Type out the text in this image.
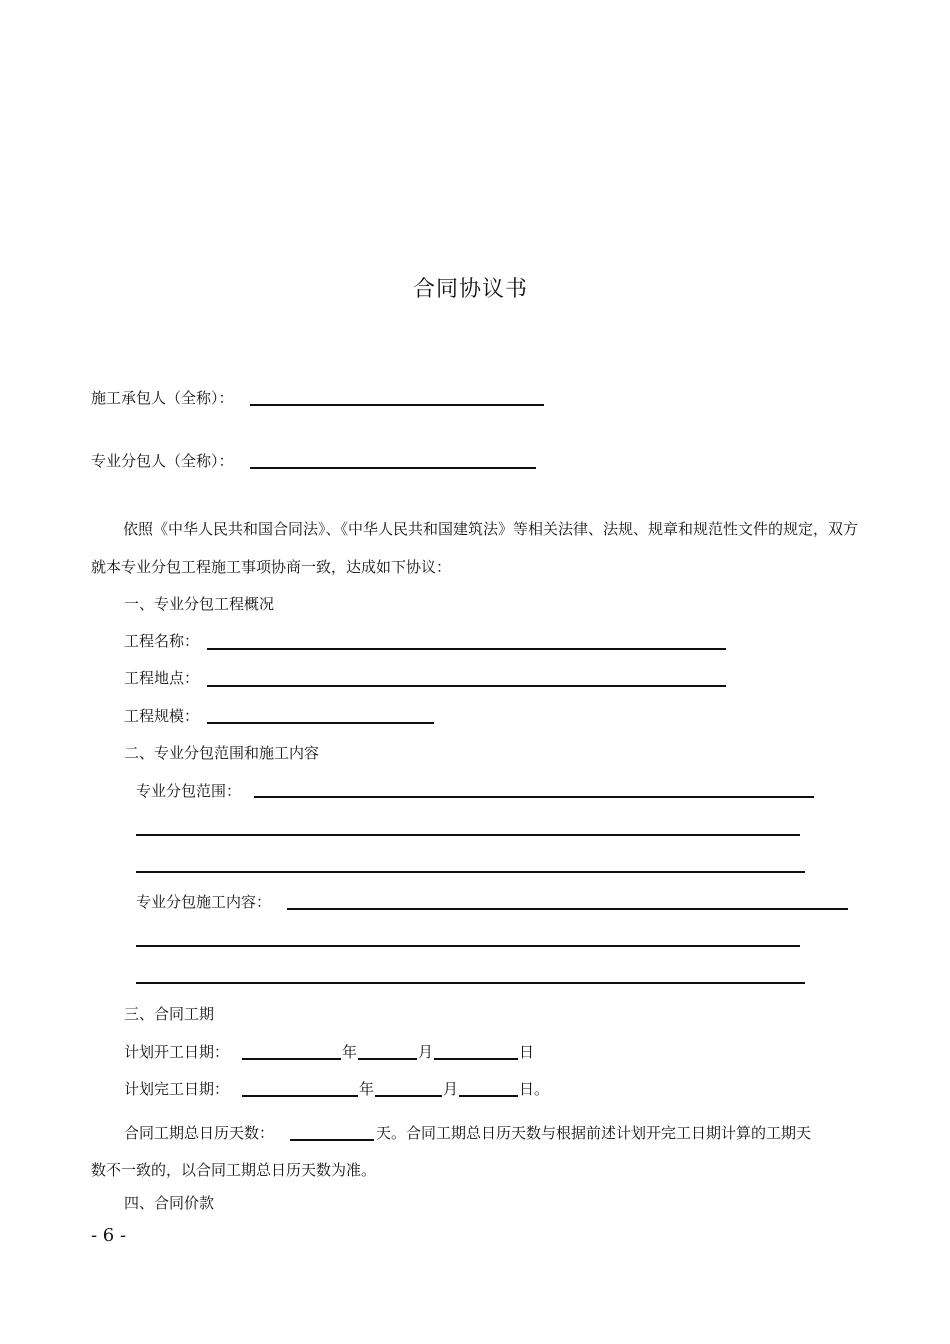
合同协议书
施工承包人（全称）：
专业分包人（全称）：
依照《中华人民共和国合同法》、《中华人民共和国建筑法》等相关法律、法规、规章和规范性文件的规定，双方就本专业分包工程施工事项协商一致，达成如下协议：
一、专业分包工程概况
工程名称：
工程地点：
工程规模：
二、专业分包范围和施工内容
专业分包范围：
专业分包施工内容：
三、合同工期
计划开工日期：	年	月	日
计划完工日期：	年	月	日。
合同工期总日历天数：	天。合同工期总日历天数与根据前述计划开完工日期计算的工期天
数不一致的，以合同工期总日历天数为准。
四、合同价款
- 6 -
